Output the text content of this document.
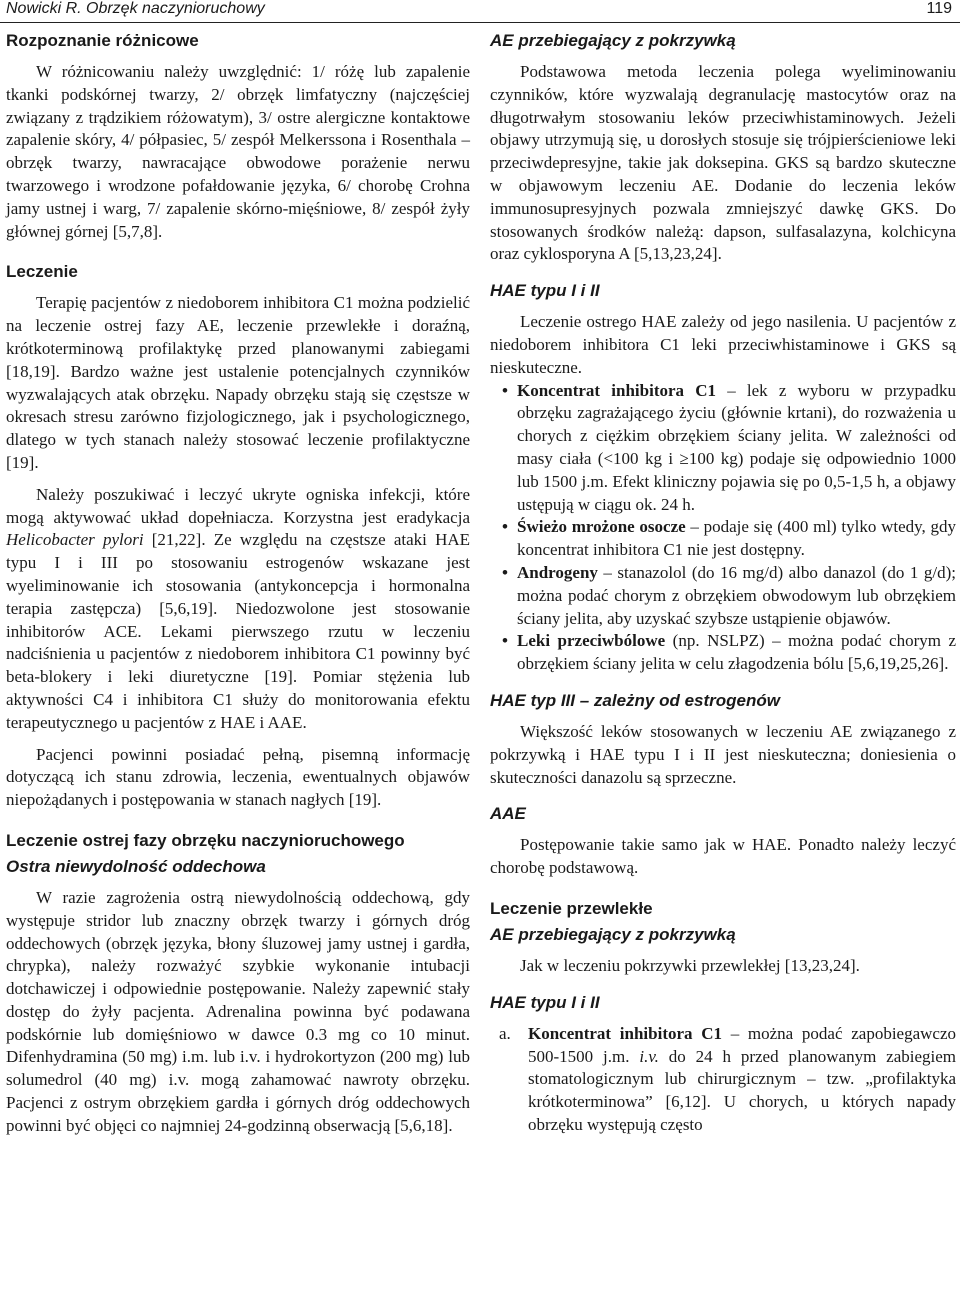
Nowicki R. Obrzęk naczynioruchowy	119
Rozpoznanie różnicowe

W różnicowaniu należy uwzględnić: 1/ różę lub zapalenie tkanki podskórnej twarzy, 2/ obrzęk limfatyczny (najczęściej związany z trądzikiem różowatym), 3/ ostre alergiczne kontaktowe zapalenie skóry, 4/ półpasiec, 5/ zespół Melkerssona i Rosenthala – obrzęk twarzy, nawracające obwodowe porażenie nerwu twarzowego i wrodzone pofałdowanie języka, 6/ chorobę Crohna jamy ustnej i warg, 7/ zapalenie skórno-mięśniowe, 8/ zespół żyły głównej górnej [5,7,8].

Leczenie

Terapię pacjentów z niedoborem inhibitora C1 można podzielić na leczenie ostrej fazy AE, leczenie przewlekłe i doraźną, krótkoterminową profilaktykę przed planowanymi zabiegami [18,19]. Bardzo ważne jest ustalenie potencjalnych czynników wyzwalających atak obrzęku. Napady obrzęku stają się częstsze w okresach stresu zarówno fizjologicznego, jak i psychologicznego, dlatego w tych stanach należy stosować leczenie profilaktyczne [19].

Należy poszukiwać i leczyć ukryte ogniska infekcji, które mogą aktywować układ dopełniacza. Korzystna jest eradykacja Helicobacter pylori [21,22]. Ze względu na częstsze ataki HAE typu I i III po stosowaniu estrogenów wskazane jest wyeliminowanie ich stosowania (antykoncepcja i hormonalna terapia zastępcza) [5,6,19]. Niedozwolone jest stosowanie inhibitorów ACE. Lekami pierwszego rzutu w leczeniu nadciśnienia u pacjentów z niedoborem inhibitora C1 powinny być beta-blokery i leki diuretyczne [19]. Pomiar stężenia lub aktywności C4 i inhibitora C1 służy do monitorowania efektu terapeutycznego u pacjentów z HAE i AAE.

Pacjenci powinni posiadać pełną, pisemną informację dotyczącą ich stanu zdrowia, leczenia, ewentualnych objawów niepożądanych i postępowania w stanach nagłych [19].

Leczenie ostrej fazy obrzęku naczynioruchowego
Ostra niewydolność oddechowa

W razie zagrożenia ostrą niewydolnością oddechową, gdy występuje stridor lub znaczny obrzęk twarzy i górnych dróg oddechowych (obrzęk języka, błony śluzowej jamy ustnej i gardła, chrypka), należy rozważyć szybkie wykonanie intubacji dotchawiczej i odpowiednie postępowanie. Należy zapewnić stały dostęp do żyły pacjenta. Adrenalina powinna być podawana podskórnie lub domięśniowo w dawce 0.3 mg co 10 minut. Difenhydramina (50 mg) i.m. lub i.v. i hydrokortyzon (200 mg) lub solumedrol (40 mg) i.v. mogą zahamować nawroty obrzęku. Pacjenci z ostrym obrzękiem gardła i górnych dróg oddechowych powinni być objęci co najmniej 24-godzinną obserwacją [5,6,18].

AE przebiegający z pokrzywką

Podstawowa metoda leczenia polega wyeliminowaniu czynników, które wyzwalają degranulację mastocytów oraz na długotrwałym stosowaniu leków przeciwhistaminowych. Jeżeli objawy utrzymują się, u dorosłych stosuje się trójpierścieniowe leki przeciwdepresyjne, takie jak doksepina. GKS są bardzo skuteczne w objawowym leczeniu AE. Dodanie do leczenia leków immunosupresyjnych pozwala zmniejszyć dawkę GKS. Do stosowanych środków należą: dapson, sulfasalazyna, kolchicyna oraz cyklosporyna A [5,13,23,24].

HAE typu I i II

Leczenie ostrego HAE zależy od jego nasilenia. U pacjentów z niedoborem inhibitora C1 leki przeciwhistaminowe i GKS są nieskuteczne.

• Koncentrat inhibitora C1 – lek z wyboru w przypadku obrzęku zagrażającego życiu (głównie krtani), do rozważenia u chorych z ciężkim obrzękiem ściany jelita. W zależności od masy ciała (<100 kg i ≥100 kg) podaje się odpowiednio 1000 lub 1500 j.m. Efekt kliniczny pojawia się po 0,5-1,5 h, a objawy ustępują w ciągu ok. 24 h.
• Świeżo mrożone osocze – podaje się (400 ml) tylko wtedy, gdy koncentrat inhibitora C1 nie jest dostępny.
• Androgeny – stanazolol (do 16 mg/d) albo danazol (do 1 g/d); można podać chorym z obrzękiem obwodowym lub obrzękiem ściany jelita, aby uzyskać szybsze ustąpienie objawów.
• Leki przeciwbólowe (np. NSLPZ) – można podać chorym z obrzękiem ściany jelita w celu złagodzenia bólu [5,6,19,25,26].
HAE typ III – zależny od estrogenów

Większość leków stosowanych w leczeniu AE związanego z pokrzywką i HAE typu I i II jest nieskuteczna; doniesienia o skuteczności danazolu są sprzeczne.

AAE

Postępowanie takie samo jak w HAE. Ponadto należy leczyć chorobę podstawową.

Leczenie przewlekłe
AE przebiegający z pokrzywką

Jak w leczeniu pokrzywki przewlekłej [13,23,24].

HAE typu I i II
a. Koncentrat inhibitora C1 – można podać zapobiegawczo 500-1500 j.m. i.v. do 24 h przed planowanym zabiegiem stomatologicznym lub chirurgicznym – tzw. „profilaktyka krótkoterminowa” [6,12]. U chorych, u których napady obrzęku występują często
